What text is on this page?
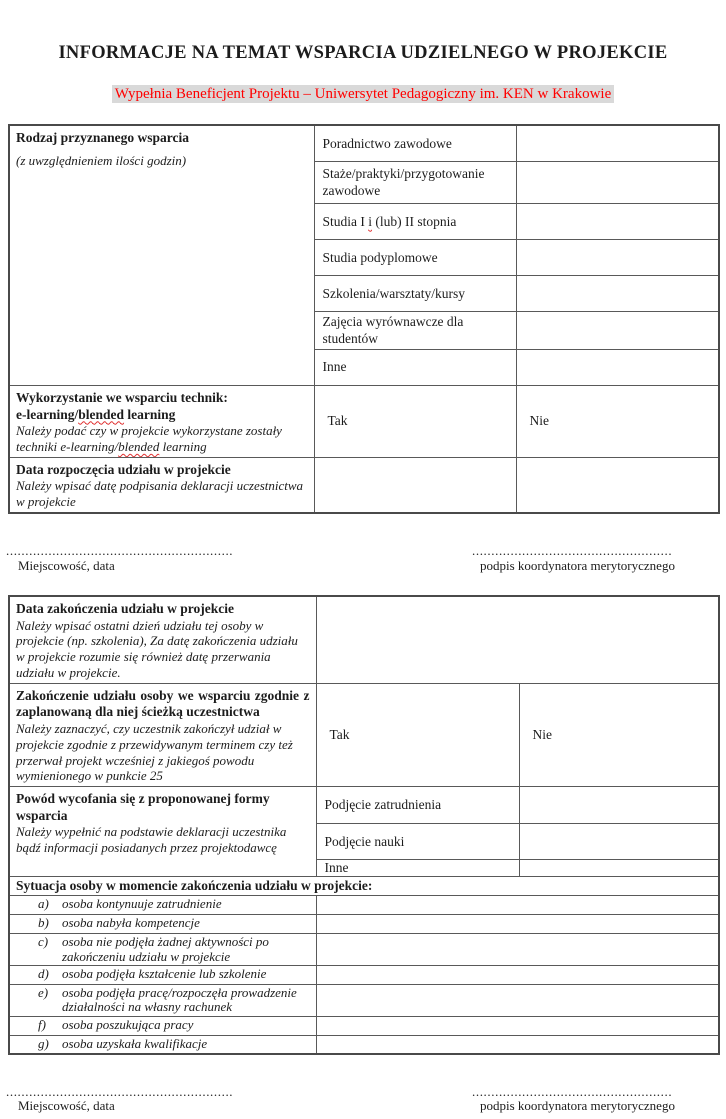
INFORMACJE NA TEMAT WSPARCIA UDZIELNEGO W PROJEKCIE
Wypełnia Beneficjent Projektu – Uniwersytet Pedagogiczny im. KEN w Krakowie
Rodzaj przyznanego wsparcia
(z uwzględnieniem ilości godzin)	Poradnictwo zawodowe	
	Staże/praktyki/przygotowanie zawodowe	
	Studia I i (lub) II stopnia	
	Studia podyplomowe	
	Szkolenia/warsztaty/kursy	
	Zajęcia wyrównawcze dla studentów	
	Inne	

Wykorzystanie we wsparciu technik:
e-learning/blended learning
Należy podać czy w projekcie wykorzystane zostały techniki e-learning/blended learning	Tak	Nie

Data rozpoczęcia udziału w projekcie
Należy wpisać datę podpisania deklaracji uczestnictwa w projekcie		

...........................................................
Miejscowość, data
....................................................
podpis koordynatora merytorycznego
Data zakończenia udziału w projekcie
Należy wpisać ostatni dzień udziału tej osoby w projekcie (np. szkolenia), Za datę zakończenia udziału w projekcie rozumie się również datę przerwania udziału w projekcie.		

Zakończenie udziału osoby we wsparciu zgodnie z zaplanowaną dla niej ścieżką uczestnictwa
Należy zaznaczyć, czy uczestnik zakończył udział w projekcie zgodnie z przewidywanym terminem czy też przerwał projekt wcześniej z jakiegoś powodu wymienionego w punkcie 25	Tak	Nie

Powód wycofania się z proponowanej formy wsparcia
Należy wypełnić na podstawie deklaracji uczestnika bądź informacji posiadanych przez projektodawcę	Podjęcie zatrudnienia	
	Podjęcie nauki	
	Inne	
Sytuacja osoby w momencie zakończenia udziału w projekcie:		

a) osoba kontynuuje zatrudnienie		

b) osoba nabyła kompetencje		

c) osoba nie podjęła żadnej aktywności po zakończeniu udziału w projekcie		

d) osoba podjęła kształcenie lub szkolenie		

e) osoba podjęła pracę/rozpoczęła prowadzenie działalności na własny rachunek		

f) osoba poszukująca pracy		

g) osoba uzyskała kwalifikacje		

...........................................................
Miejscowość, data
....................................................
podpis koordynatora merytorycznego
